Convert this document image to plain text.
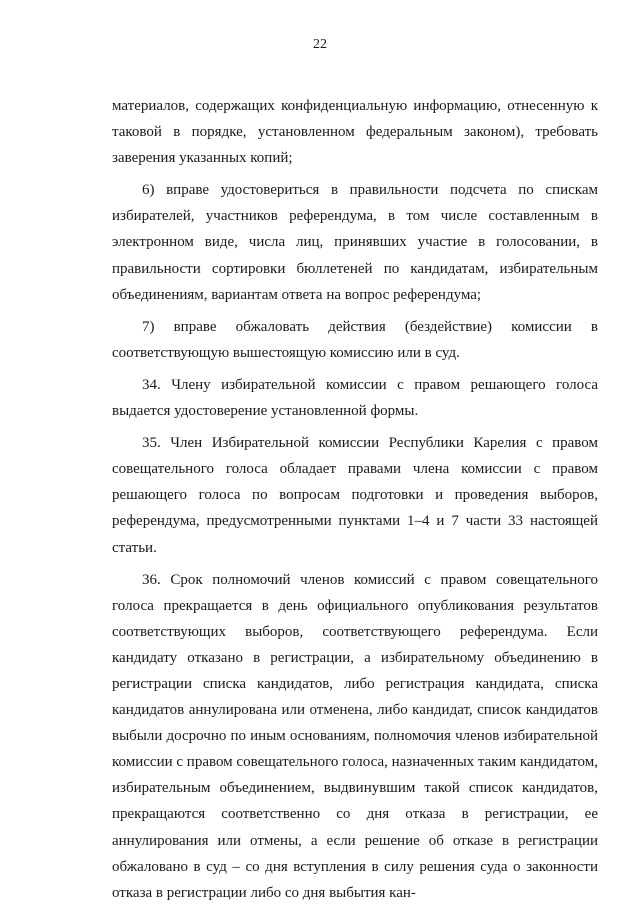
22

материалов, содержащих конфиденциальную информацию, отнесенную к таковой в порядке, установленном федеральным законом), требовать заверения указанных копий;

6) вправе удостовериться в правильности подсчета по спискам избирателей, участников референдума, в том числе составленным в электронном виде, числа лиц, принявших участие в голосовании, в правильности сортировки бюллетеней по кандидатам, избирательным объединениям, вариантам ответа на вопрос референдума;

7) вправе обжаловать действия (бездействие) комиссии в соответствующую вышестоящую комиссию или в суд.

34. Члену избирательной комиссии с правом решающего голоса выдается удостоверение установленной формы.

35. Член Избирательной комиссии Республики Карелия с правом совещательного голоса обладает правами члена комиссии с правом решающего голоса по вопросам подготовки и проведения выборов, референдума, предусмотренными пунктами 1–4 и 7 части 33 настоящей статьи.

36. Срок полномочий членов комиссий с правом совещательного голоса прекращается в день официального опубликования результатов соответствующих выборов, соответствующего референдума. Если кандидату отказано в регистрации, а избирательному объединению в регистрации списка кандидатов, либо регистрация кандидата, списка кандидатов аннулирована или отменена, либо кандидат, список кандидатов выбыли досрочно по иным основаниям, полномочия членов избирательной комиссии с правом совещательного голоса, назначенных таким кандидатом, избирательным объединением, выдвинувшим такой список кандидатов, прекращаются соответственно со дня отказа в регистрации, ее аннулирования или отмены, а если решение об отказе в регистрации обжаловано в суд – со дня вступления в силу решения суда о законности отказа в регистрации либо со дня выбытия кан-
